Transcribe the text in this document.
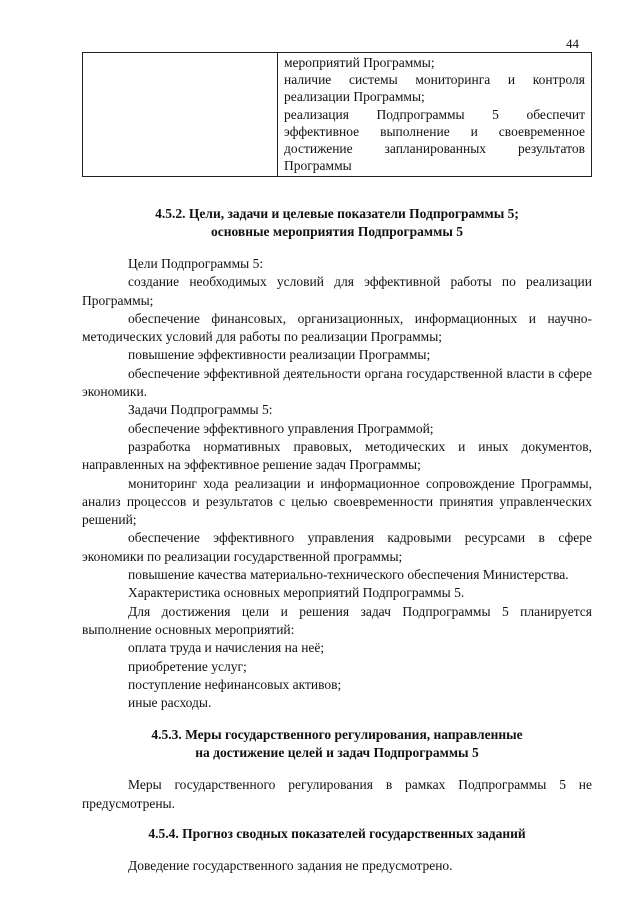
44

мероприятий Программы;
наличие системы мониторинга и контроля реализации Программы;
реализация Подпрограммы 5 обеспечит эффективное выполнение и своевременное достижение запланированных результатов Программы
4.5.2. Цели, задачи и целевые показатели Подпрограммы 5;
основные мероприятия Подпрограммы 5

Цели Подпрограммы 5:

создание необходимых условий для эффективной работы по реализации Программы;

обеспечение финансовых, организационных, информационных и научно-методических условий для работы по реализации Программы;

повышение эффективности реализации Программы;

обеспечение эффективной деятельности органа государственной власти в сфере экономики.

Задачи Подпрограммы 5:

обеспечение эффективного управления Программой;

разработка нормативных правовых, методических и иных документов, направленных на эффективное решение задач Программы;

мониторинг хода реализации и информационное сопровождение Программы, анализ процессов и результатов с целью своевременности принятия управленческих решений;

обеспечение эффективного управления кадровыми ресурсами в сфере экономики по реализации государственной программы;

повышение качества материально-технического обеспечения Министерства.

Характеристика основных мероприятий Подпрограммы 5.

Для достижения цели и решения задач Подпрограммы 5 планируется выполнение основных мероприятий:

оплата труда и начисления на неё;

приобретение услуг;

поступление нефинансовых активов;

иные расходы.

4.5.3. Меры государственного регулирования, направленные
на достижение целей и задач Подпрограммы 5

Меры государственного регулирования в рамках Подпрограммы 5 не предусмотрены.

4.5.4. Прогноз сводных показателей государственных заданий

Доведение государственного задания не предусмотрено.
